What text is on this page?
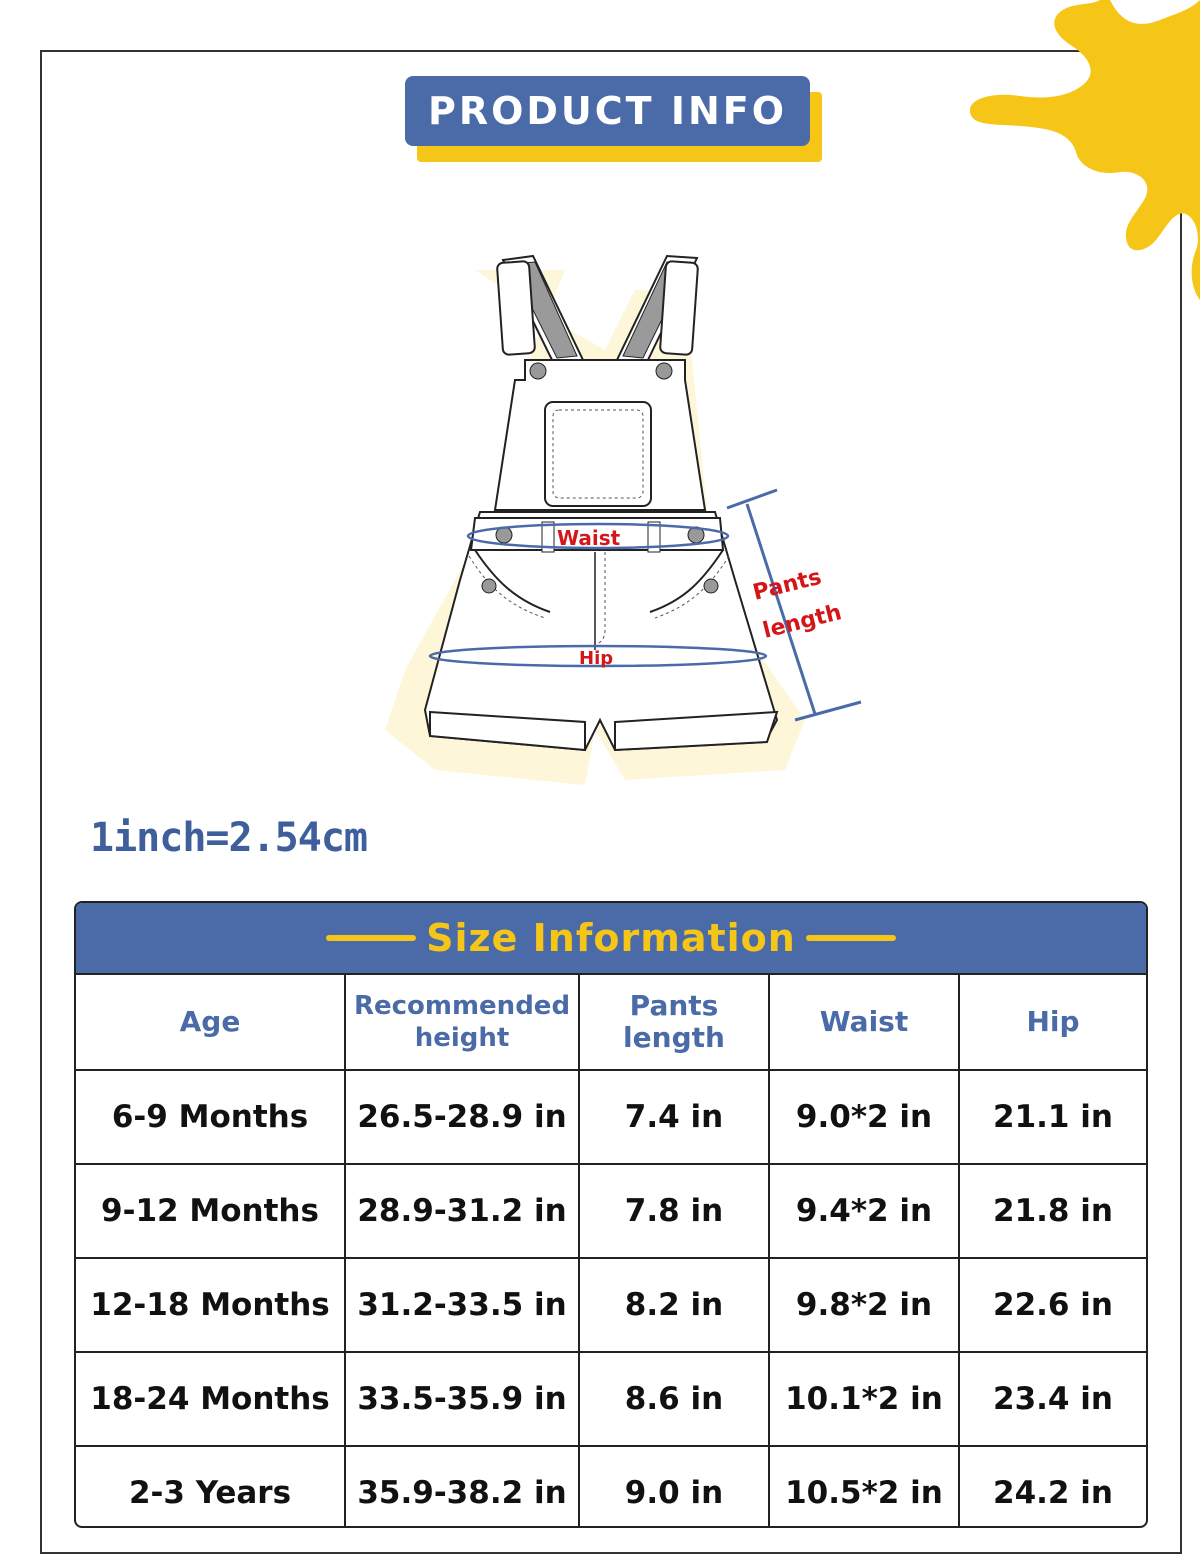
PRODUCT INFO
Waist
Hip
Pants
length
1inch=2.54cm
Size Information
Age	Recommended height	Pants length	Waist	Hip
6-9 Months	26.5-28.9 in	7.4 in	9.0*2 in	21.1 in
9-12 Months	28.9-31.2 in	7.8 in	9.4*2 in	21.8 in
12-18 Months	31.2-33.5 in	8.2 in	9.8*2 in	22.6 in
18-24 Months	33.5-35.9 in	8.6 in	10.1*2 in	23.4 in
2-3 Years	35.9-38.2 in	9.0 in	10.5*2 in	24.2 in
